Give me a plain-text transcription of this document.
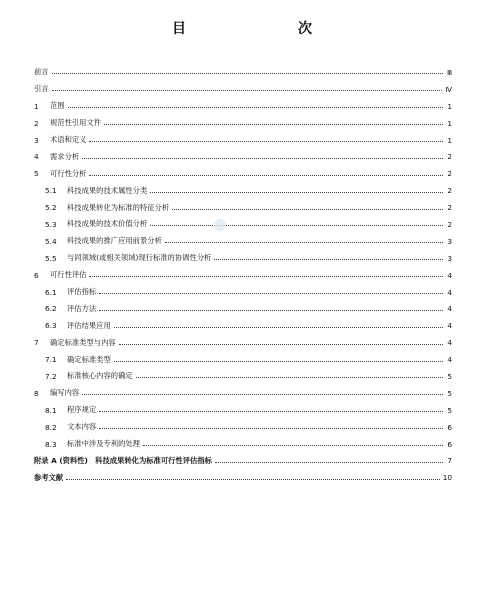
目　　次
前言	Ⅲ
引言	Ⅳ
1	范围	1
2	规范性引用文件	1
3	术语和定义	1
4	需求分析	2
5	可行性分析	2
5.1	科技成果的技术属性分类	2
5.2	科技成果转化为标准的特征分析	2
5.3	科技成果的技术价值分析	2
5.4	科技成果的推广应用前景分析	3
5.5	与同领域(或相关领域)现行标准的协调性分析	3
6	可行性评估	4
6.1	评估指标	4
6.2	评估方法	4
6.3	评估结果应用	4
7	确定标准类型与内容	4
7.1	确定标准类型	4
7.2	标准核心内容的确定	5
8	编写内容	5
8.1	程序规定	5
8.2	文本内容	6
8.3	标准中涉及专利的处理	6
附录 A (资料性)　科技成果转化为标准可行性评估指标	7
参考文献	10
